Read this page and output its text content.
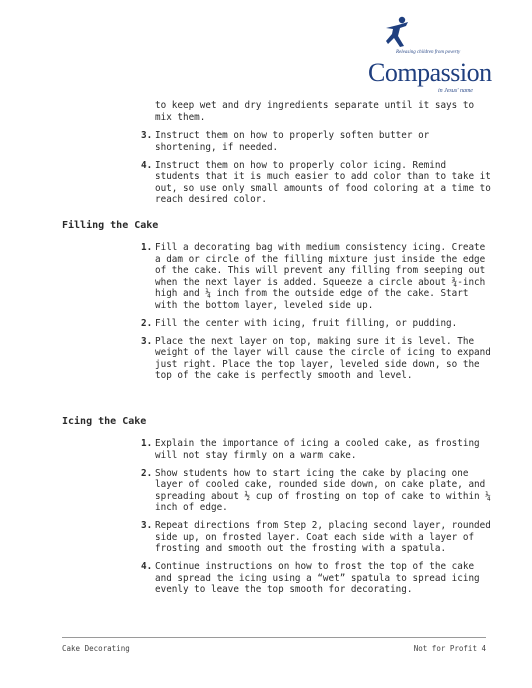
Releasing children from poverty
Compassion
in Jesus' name

to keep wet and dry ingredients separate until it says to mix them.

3. Instruct them on how to properly soften butter or shortening, if needed.
4. Instruct them on how to properly color icing. Remind students that it is much easier to add color than to take it out, so use only small amounts of food coloring at a time to reach desired color.
Filling the Cake
1. Fill a decorating bag with medium consistency icing. Create a dam or circle of the filling mixture just inside the edge of the cake. This will prevent any filling from seeping out when the next layer is added. Squeeze a circle about ¾-inch high and ¼ inch from the outside edge of the cake. Start with the bottom layer, leveled side up.
2. Fill the center with icing, fruit filling, or pudding.
3. Place the next layer on top, making sure it is level. The weight of the layer will cause the circle of icing to expand just right. Place the top layer, leveled side down, so the top of the cake is perfectly smooth and level.
Icing the Cake
1. Explain the importance of icing a cooled cake, as frosting will not stay firmly on a warm cake.
2. Show students how to start icing the cake by placing one layer of cooled cake, rounded side down, on cake plate, and spreading about ½ cup of frosting on top of cake to within ¼ inch of edge.
3. Repeat directions from Step 2, placing second layer, rounded side up, on frosted layer. Coat each side with a layer of frosting and smooth out the frosting with a spatula.
4. Continue instructions on how to frost the top of the cake and spread the icing using a “wet” spatula to spread icing evenly to leave the top smooth for decorating.
Cake Decorating	Not for Profit 4
